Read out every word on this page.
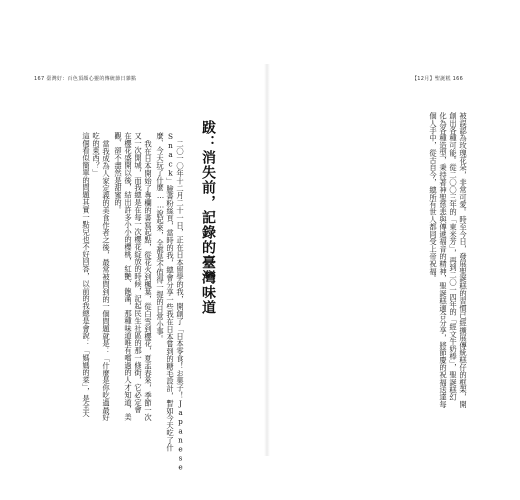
167 臺灣好：百色頂顏心靈的傳統節日雜點	【12月】聖誕糕 166
被誤認為玫瑰花朵，非常可愛。時至今日，發展聖誕糕的習慣已經擴展傳統糕仔的框架，開
創出各種可能。從二〇〇三年的「東米芳」，再到二〇一四年的「經文牛奶棒」，聖誕糕幻
化為各種造型，秉持著神聖慈悲與傳遞福音的精神，聖誕糕適合分享，將節慶的祝福送達每
個人手中，從古自今，總所有世人都同受上帝祝福。
跋：消失前，記錄的臺灣味道
二〇一〇年十二月二十一日，正在日本留學的我，開創了「日本零食！お菓子！Japanese
Snack」臉書粉絲頁，當時的我，總會分享一些我在日本嘗到的糖毛設計，暫如今天吃了什
麼、今天玩了什麼……說起來，全都是不值得一提的日常小事。
我在日本開始了專欄的書寫起點，從花火到楓葉，從白雪到櫻花，夏盂春來，季節一次
又一次開城，而我總是在每一次櫻花綻放的時候，記起民生社區的那一條街，它必定會
在櫻花盛開以後，結出許多小小的櫻桃，紅艷、飽滿，那種味道唯有嚐過的人才知道，美
觀、卻不盡然是甜蜜的。
當我成為人家定義的美食作者之後，最常被問到的一個問題就是：「什麼是你吃過最好
吃的東西？」
這個看似簡單的問題其實一點兒也不好回答，以前的我總是會說：「媽媽的菜」，是全天
